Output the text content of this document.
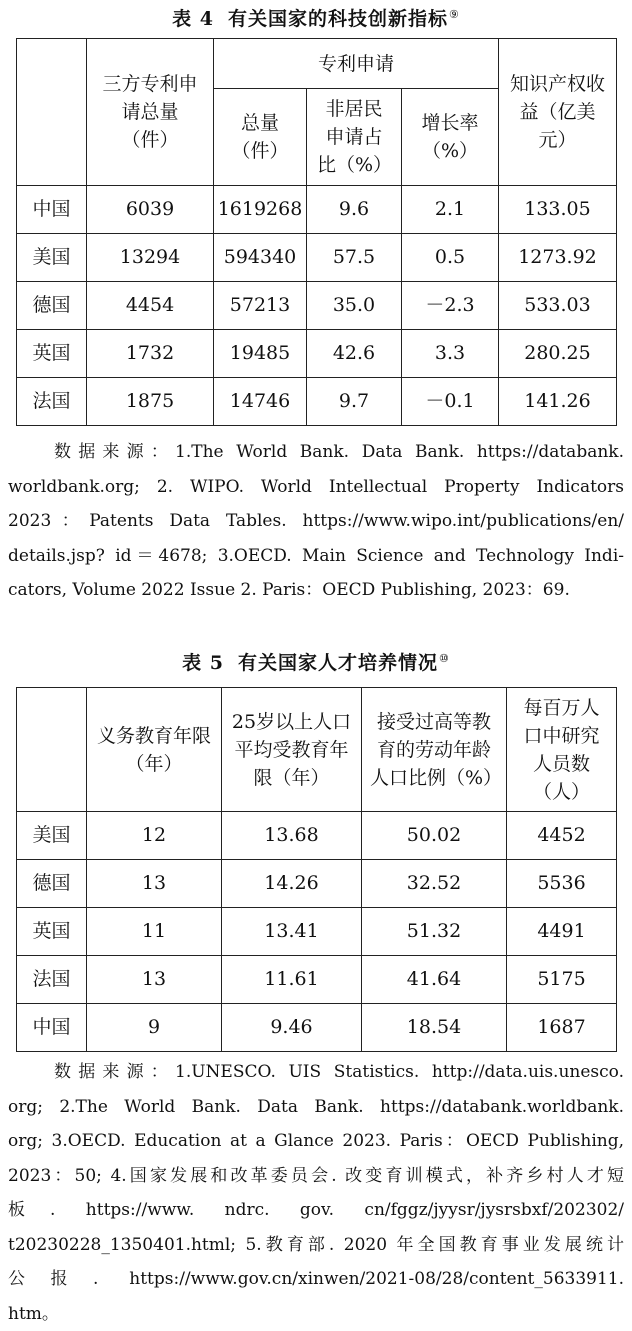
表 4 有关国家的科技创新指标⑨
	三方专利申请总量（件）	专利申请			知识产权收益（亿美元）
		总量（件）	非居民申请占比（%）	增长率（%）	
中国	6039	1619268	9.6	2.1	133.05
美国	13294	594340	57.5	0.5	1273.92
德国	4454	57213	35.0	－2.3	533.03
英国	1732	19485	42.6	3.3	280.25
法国	1875	14746	9.7	－0.1	141.26
数据来源：1.The World Bank. Data Bank. https://databank.
worldbank.org; 2. WIPO. World Intellectual Property Indicators
2023：Patents Data Tables. https://www.wipo.int/publications/en/
details.jsp? id＝4678; 3.OECD. Main Science and Technology Indi-
cators, Volume 2022 Issue 2. Paris：OECD Publishing, 2023：69.
表 5 有关国家人才培养情况⑩
	义务教育年限（年）	25岁以上人口平均受教育年限（年）	接受过高等教育的劳动年龄人口比例（%）	每百万人口中研究人员数（人）
美国	12	13.68	50.02	4452
德国	13	14.26	32.52	5536
英国	11	13.41	51.32	4491
法国	13	11.61	41.64	5175
中国	9	9.46	18.54	1687
数据来源：1.UNESCO. UIS Statistics. http://data.uis.unesco.
org; 2.The World Bank. Data Bank. https://databank.worldbank.
org; 3.OECD. Education at a Glance 2023. Paris：OECD Publishing,
2023：50; 4.国家发展和改革委员会. 改变育训模式，补齐乡村人才短
板. https://www. ndrc. gov. cn/fggz/jyysr/jysrsbxf/202302/
t20230228_1350401.html; 5.教育部. 2020 年全国教育事业发展统计
公报. https://www.gov.cn/xinwen/2021-08/28/content_5633911.
htm。
